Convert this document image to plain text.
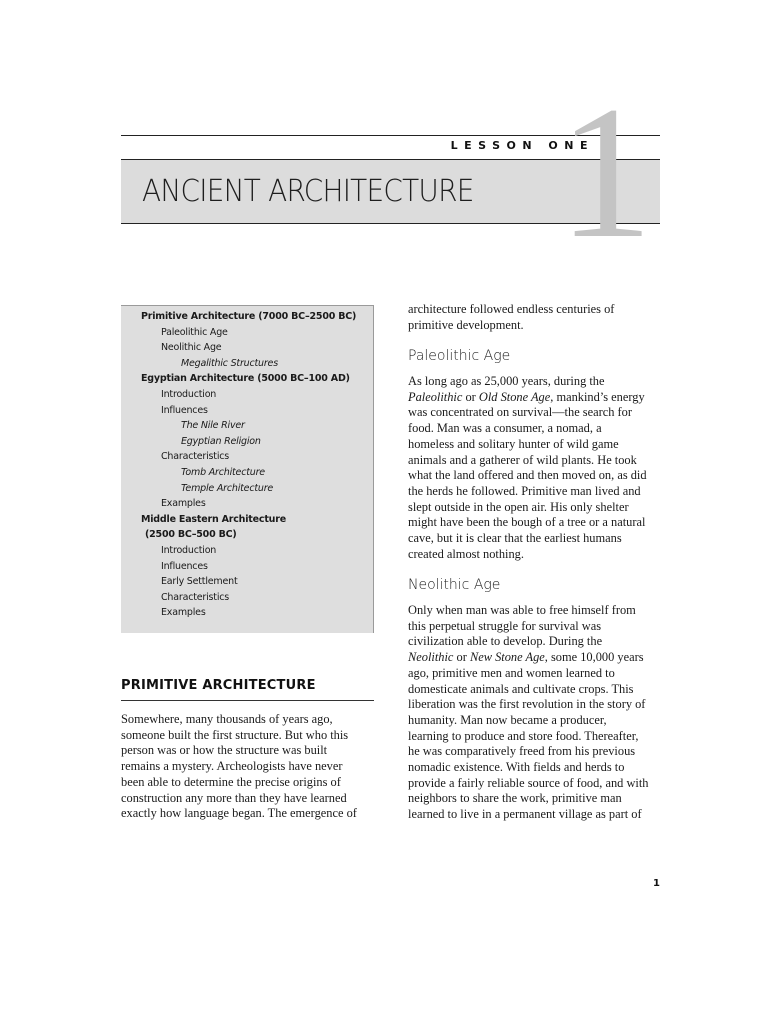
1
LESSON ONE
ANCIENT ARCHITECTURE
Primitive Architecture (7000 BC–2500 BC)
Paleolithic Age
Neolithic Age
Megalithic Structures
Egyptian Architecture (5000 BC–100 AD)
Introduction
Influences
The Nile River
Egyptian Religion
Characteristics
Tomb Architecture
Temple Architecture
Examples
Middle Eastern Architecture
(2500 BC–500 BC)
Introduction
Influences
Early Settlement
Characteristics
Examples
PRIMITIVE ARCHITECTURE
Somewhere, many thousands of years ago,
someone built the first structure. But who this
person was or how the structure was built
remains a mystery. Archeologists have never
been able to determine the precise origins of
construction any more than they have learned
exactly how language began. The emergence of
architecture followed endless centuries of
primitive development.
Paleolithic Age
As long ago as 25,000 years, during the
Paleolithic or Old Stone Age, mankind’s energy
was concentrated on survival—the search for
food. Man was a consumer, a nomad, a
homeless and solitary hunter of wild game
animals and a gatherer of wild plants. He took
what the land offered and then moved on, as did
the herds he followed. Primitive man lived and
slept outside in the open air. His only shelter
might have been the bough of a tree or a natural
cave, but it is clear that the earliest humans
created almost nothing.
Neolithic Age
Only when man was able to free himself from
this perpetual struggle for survival was
civilization able to develop. During the
Neolithic or New Stone Age, some 10,000 years
ago, primitive men and women learned to
domesticate animals and cultivate crops. This
liberation was the first revolution in the story of
humanity. Man now became a producer,
learning to produce and store food. Thereafter,
he was comparatively freed from his previous
nomadic existence. With fields and herds to
provide a fairly reliable source of food, and with
neighbors to share the work, primitive man
learned to live in a permanent village as part of
1
